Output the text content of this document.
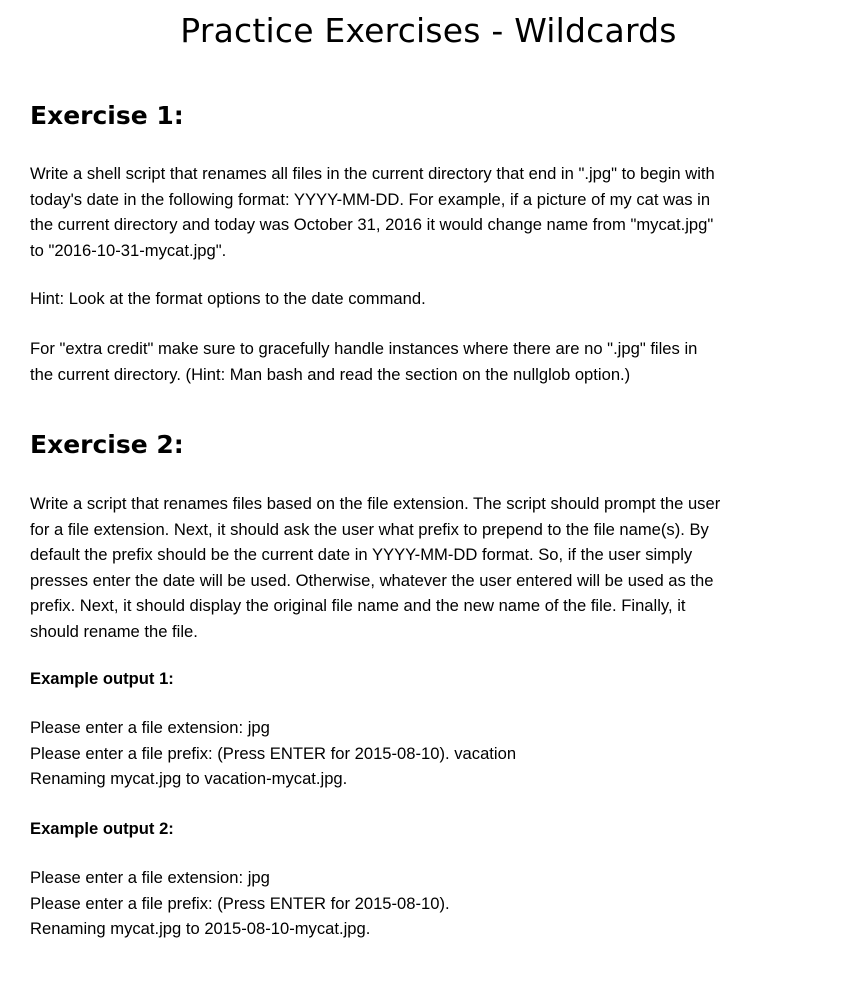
Practice Exercises - Wildcards
Exercise 1:
Write a shell script that renames all files in the current directory that end in ".jpg" to begin with
today's date in the following format: YYYY-MM-DD. For example, if a picture of my cat was in
the current directory and today was October 31, 2016 it would change name from "mycat.jpg"
to "2016-10-31-mycat.jpg".
Hint: Look at the format options to the date command.
For "extra credit" make sure to gracefully handle instances where there are no ".jpg" files in
the current directory. (Hint: Man bash and read the section on the nullglob option.)
Exercise 2:
Write a script that renames files based on the file extension. The script should prompt the user
for a file extension. Next, it should ask the user what prefix to prepend to the file name(s). By
default the prefix should be the current date in YYYY-MM-DD format. So, if the user simply
presses enter the date will be used. Otherwise, whatever the user entered will be used as the
prefix. Next, it should display the original file name and the new name of the file. Finally, it
should rename the file.
Example output 1:
Please enter a file extension: jpg
Please enter a file prefix: (Press ENTER for 2015-08-10). vacation
Renaming mycat.jpg to vacation-mycat.jpg.
Example output 2:
Please enter a file extension: jpg
Please enter a file prefix: (Press ENTER for 2015-08-10).
Renaming mycat.jpg to 2015-08-10-mycat.jpg.
